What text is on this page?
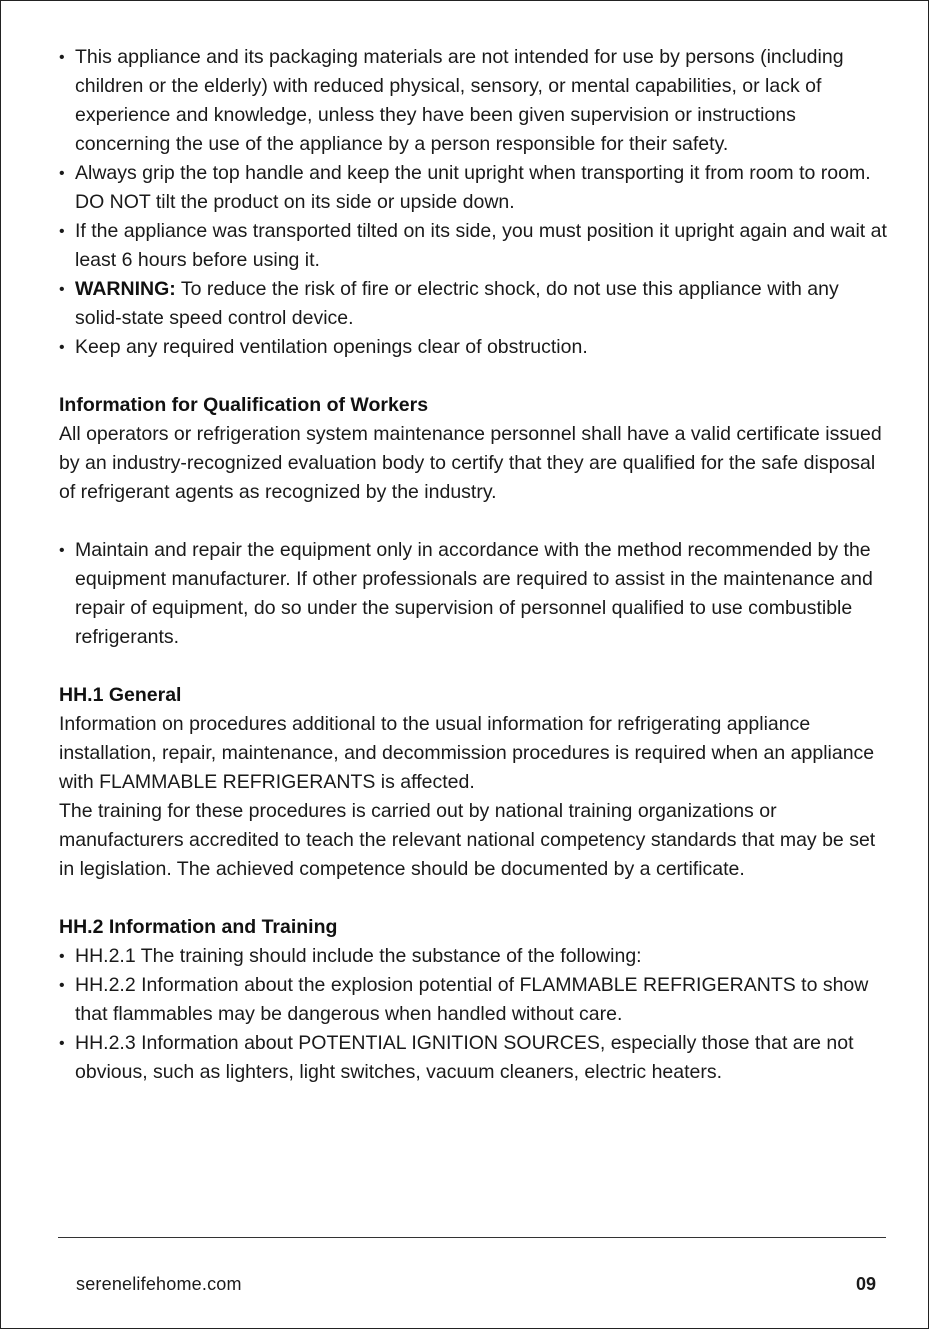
• This appliance and its packaging materials are not intended for use by persons (including children or the elderly) with reduced physical, sensory, or mental capabilities, or lack of experience and knowledge, unless they have been given supervision or instructions concerning the use of the appliance by a person responsible for their safety.
• Always grip the top handle and keep the unit upright when transporting it from room to room. DO NOT tilt the product on its side or upside down.
• If the appliance was transported tilted on its side, you must position it upright again and wait at least 6 hours before using it.
• WARNING: To reduce the risk of fire or electric shock, do not use this appliance with any solid-state speed control device.
• Keep any required ventilation openings clear of obstruction.
Information for Qualification of Workers

All operators or refrigeration system maintenance personnel shall have a valid certificate issued by an industry-recognized evaluation body to certify that they are qualified for the safe disposal of refrigerant agents as recognized by the industry.

• Maintain and repair the equipment only in accordance with the method recommended by the equipment manufacturer. If other professionals are required to assist in the maintenance and repair of equipment, do so under the supervision of personnel qualified to use combustible refrigerants.
HH.1 General

Information on procedures additional to the usual information for refrigerating appliance installation, repair, maintenance, and decommission procedures is required when an appliance with FLAMMABLE REFRIGERANTS is affected.

The training for these procedures is carried out by national training organizations or manufacturers accredited to teach the relevant national competency standards that may be set in legislation. The achieved competence should be documented by a certificate.

HH.2 Information and Training
• HH.2.1 The training should include the substance of the following:
• HH.2.2 Information about the explosion potential of FLAMMABLE REFRIGERANTS to show that flammables may be dangerous when handled without care.
• HH.2.3 Information about POTENTIAL IGNITION SOURCES, especially those that are not obvious, such as lighters, light switches, vacuum cleaners, electric heaters.
serenelifehome.com	09
